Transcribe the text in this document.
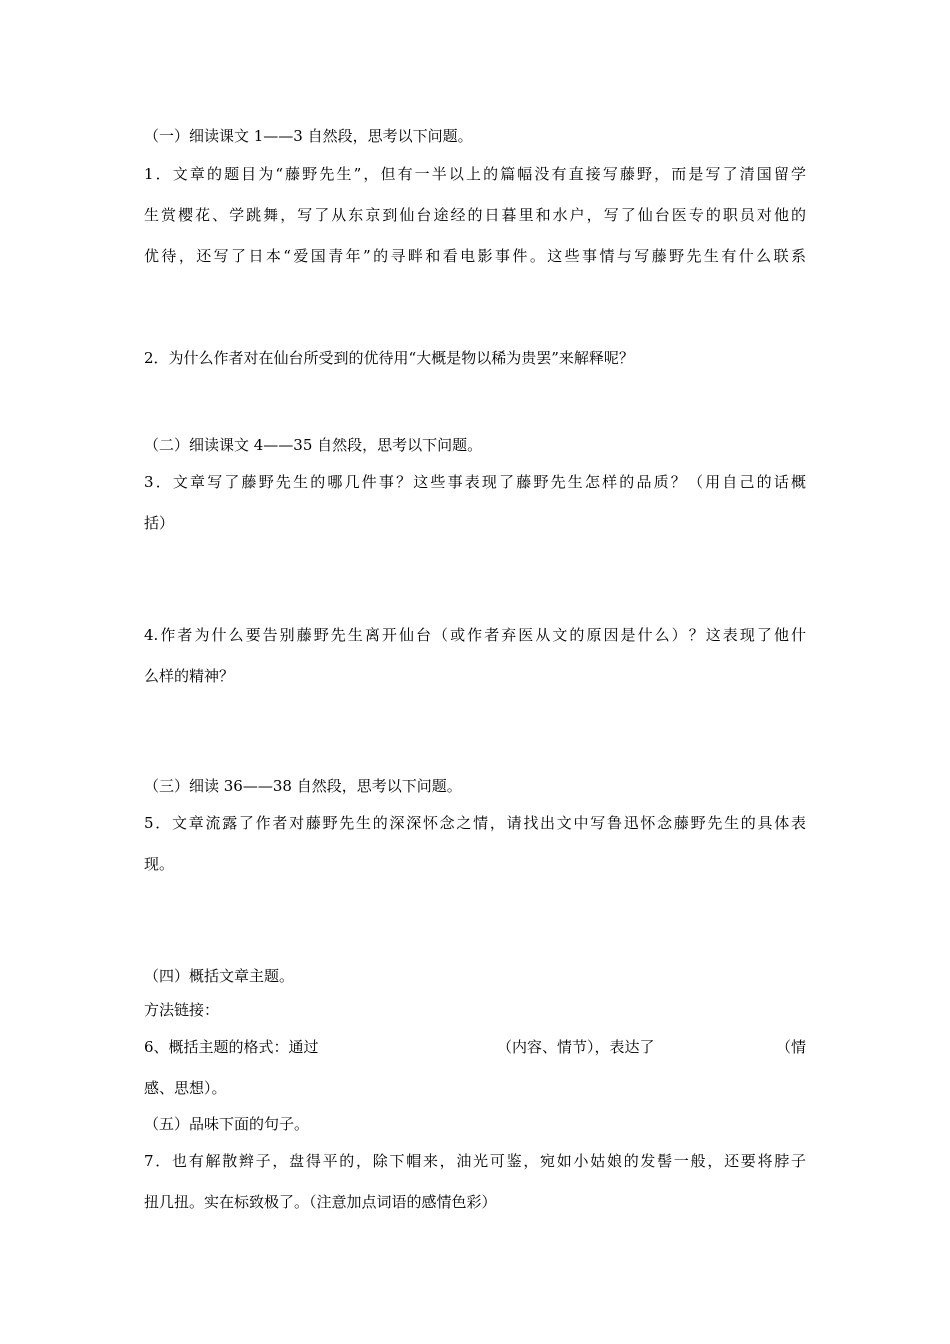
（一）细读课文 1——3 自然段，思考以下问题。
1．文章的题目为“藤野先生”，但有一半以上的篇幅没有直接写藤野，而是写了清国留学
生赏樱花、学跳舞，写了从东京到仙台途经的日暮里和水户，写了仙台医专的职员对他的
优待，还写了日本“爱国青年”的寻畔和看电影事件。这些事情与写藤野先生有什么联系
2．为什么作者对在仙台所受到的优待用“大概是物以稀为贵罢”来解释呢？
（二）细读课文 4——35 自然段，思考以下问题。
3．文章写了藤野先生的哪几件事？这些事表现了藤野先生怎样的品质？（用自己的话概
括）
4.作者为什么要告别藤野先生离开仙台（或作者弃医从文的原因是什么）？这表现了他什
么样的精神？
（三）细读 36——38 自然段，思考以下问题。
5．文章流露了作者对藤野先生的深深怀念之情，请找出文中写鲁迅怀念藤野先生的具体表
现。
（四）概括文章主题。
方法链接：
6、概括主题的格式：通过	（内容、情节），表达了	（情
感、思想）。
（五）品味下面的句子。
7．也有解散辫子，盘得平的，除下帽来，油光可鉴，宛如小姑娘的发髻一般，还要将脖子
扭几扭。实在标致极了。（注意加点词语的感情色彩）
